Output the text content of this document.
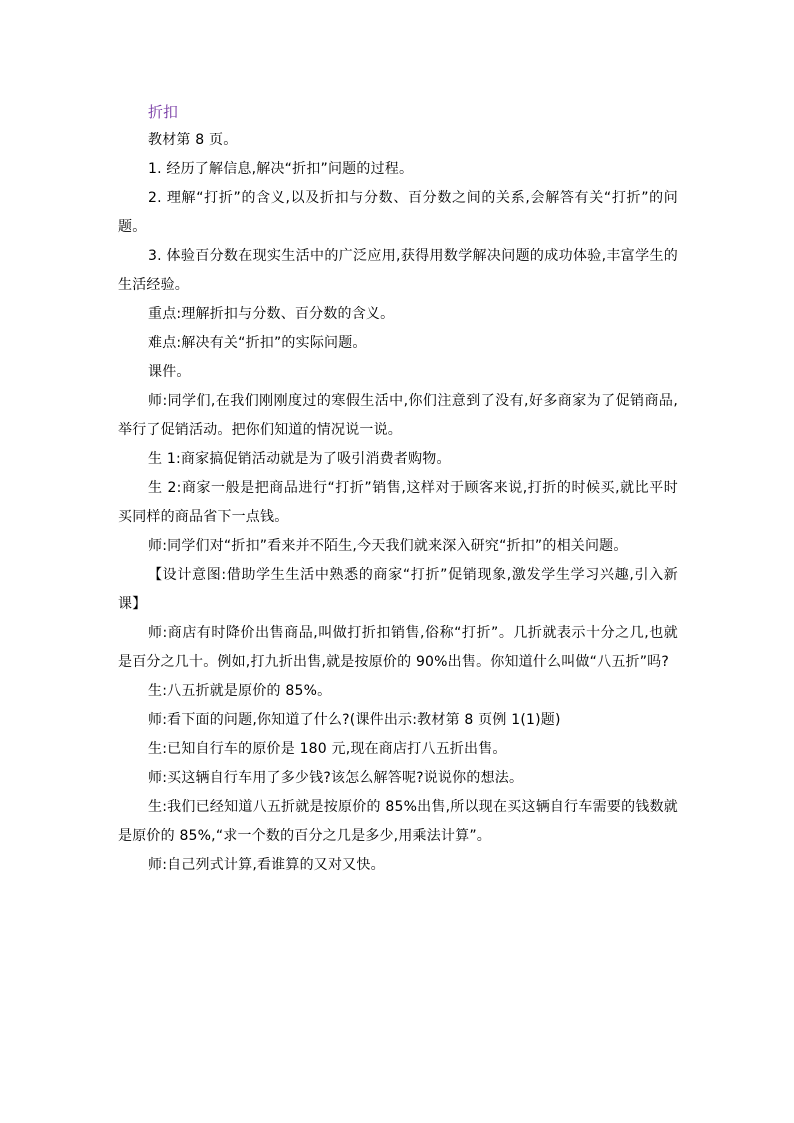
折扣

教材第 8 页。

1. 经历了解信息,解决“折扣”问题的过程。

2. 理解“打折”的含义,以及折扣与分数、百分数之间的关系,会解答有关“打折”的问题。

3. 体验百分数在现实生活中的广泛应用,获得用数学解决问题的成功体验,丰富学生的生活经验。

重点:理解折扣与分数、百分数的含义。

难点:解决有关“折扣”的实际问题。

课件。

师:同学们,在我们刚刚度过的寒假生活中,你们注意到了没有,好多商家为了促销商品,举行了促销活动。把你们知道的情况说一说。

生 1:商家搞促销活动就是为了吸引消费者购物。

生 2:商家一般是把商品进行“打折”销售,这样对于顾客来说,打折的时候买,就比平时买同样的商品省下一点钱。

师:同学们对“折扣”看来并不陌生,今天我们就来深入研究“折扣”的相关问题。

【设计意图:借助学生生活中熟悉的商家“打折”促销现象,激发学生学习兴趣,引入新课】

师:商店有时降价出售商品,叫做打折扣销售,俗称“打折”。几折就表示十分之几,也就是百分之几十。例如,打九折出售,就是按原价的 90%出售。你知道什么叫做“八五折”吗?

生:八五折就是原价的 85%。

师:看下面的问题,你知道了什么?(课件出示:教材第 8 页例 1(1)题)

生:已知自行车的原价是 180 元,现在商店打八五折出售。

师:买这辆自行车用了多少钱?该怎么解答呢?说说你的想法。

生:我们已经知道八五折就是按原价的 85%出售,所以现在买这辆自行车需要的钱数就是原价的 85%,“求一个数的百分之几是多少,用乘法计算”。

师:自己列式计算,看谁算的又对又快。
